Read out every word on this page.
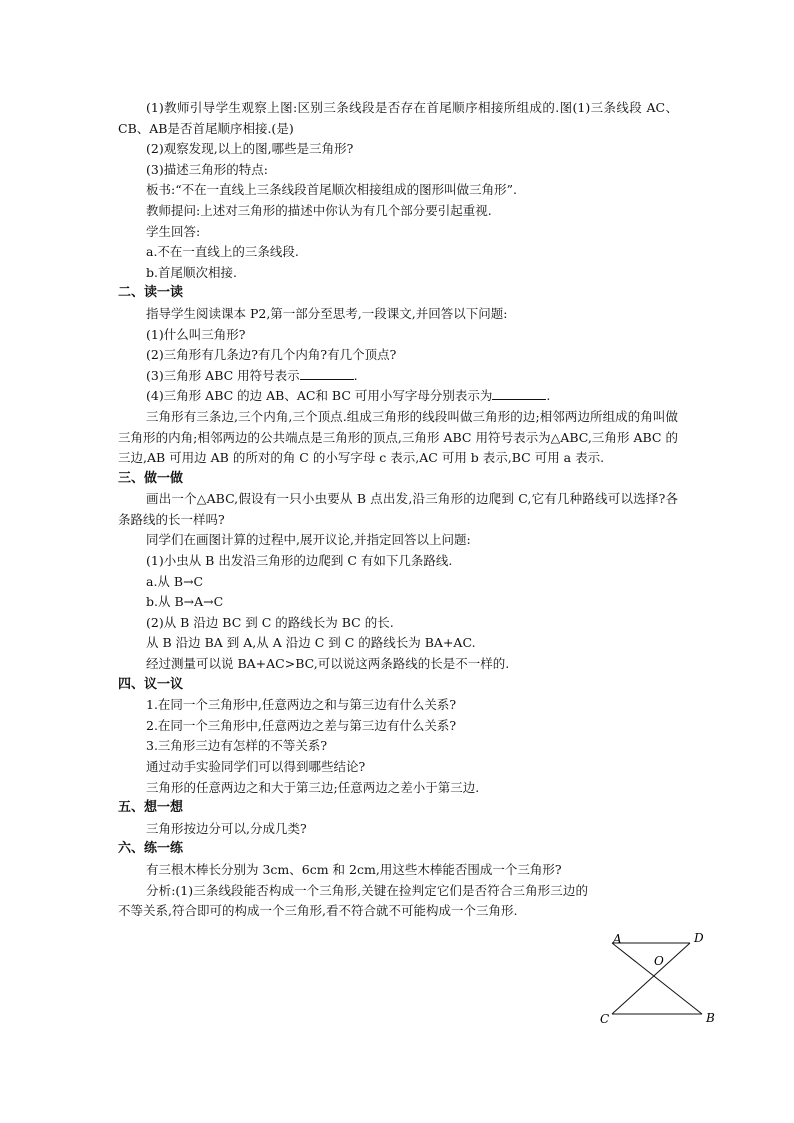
(1)教师引导学生观察上图:区别三条线段是否存在首尾顺序相接所组成的.图(1)三条线段 AC、CB、AB是否首尾顺序相接.(是)

(2)观察发现,以上的图,哪些是三角形?

(3)描述三角形的特点:

板书:“不在一直线上三条线段首尾顺次相接组成的图形叫做三角形”.

教师提问:上述对三角形的描述中你认为有几个部分要引起重视.

学生回答:

a.不在一直线上的三条线段.

b.首尾顺次相接.

二、读一读

指导学生阅读课本 P2,第一部分至思考,一段课文,并回答以下问题:

(1)什么叫三角形?

(2)三角形有几条边?有几个内角?有几个顶点?

(3)三角形 ABC 用符号表示	.

(4)三角形 ABC 的边 AB、AC和 BC 可用小写字母分别表示为	.

三角形有三条边,三个内角,三个顶点.组成三角形的线段叫做三角形的边;相邻两边所组成的角叫做三角形的内角;相邻两边的公共端点是三角形的顶点,三角形 ABC 用符号表示为△ABC,三角形 ABC 的三边,AB 可用边 AB 的所对的角 C 的小写字母 c 表示,AC 可用 b 表示,BC 可用 a 表示.

三、做一做

画出一个△ABC,假设有一只小虫要从 B 点出发,沿三角形的边爬到 C,它有几种路线可以选择?各条路线的长一样吗?

同学们在画图计算的过程中,展开议论,并指定回答以上问题:

(1)小虫从 B 出发沿三角形的边爬到 C 有如下几条路线.

a.从 B→C

b.从 B→A→C

(2)从 B 沿边 BC 到 C 的路线长为 BC 的长.

从 B 沿边 BA 到 A,从 A 沿边 C 到 C 的路线长为 BA+AC.

经过测量可以说 BA+AC>BC,可以说这两条路线的长是不一样的.

四、议一议

1.在同一个三角形中,任意两边之和与第三边有什么关系?

2.在同一个三角形中,任意两边之差与第三边有什么关系?

3.三角形三边有怎样的不等关系?

通过动手实验同学们可以得到哪些结论?

三角形的任意两边之和大于第三边;任意两边之差小于第三边.

五、想一想

三角形按边分可以,分成几类?

六、练一练

有三根木棒长分别为 3cm、6cm 和 2cm,用这些木棒能否围成一个三角形?

分析:(1)三条线段能否构成一个三角形,关键在捡判定它们是否符合三角形三边的不等关系,符合即可的构成一个三角形,看不符合就不可能构成一个三角形.

A	D
O
C	B
